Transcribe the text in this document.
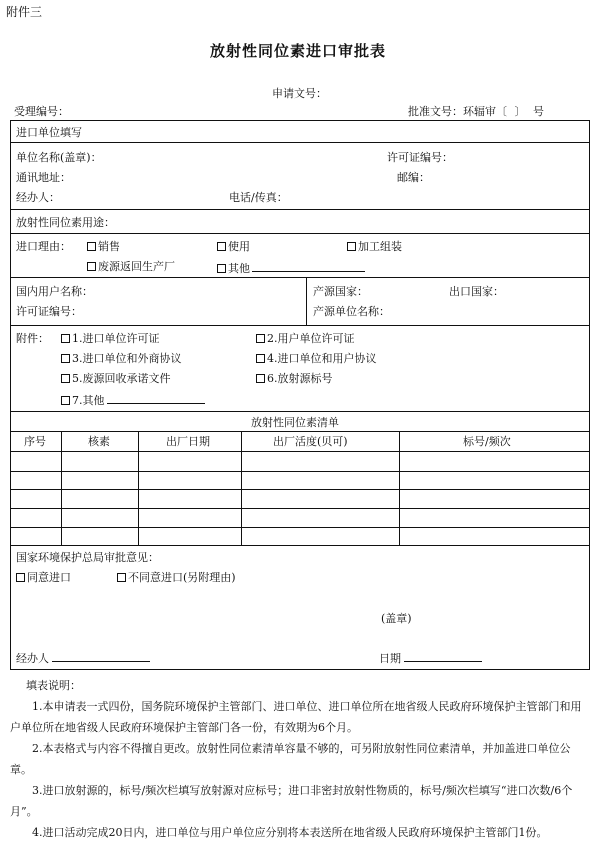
附件三
放射性同位素进口审批表
申请文号：
受理编号：	批准文号：环辐审〔 〕 号
进口单位填写
单位名称(盖章)：	许可证编号：
通讯地址：	邮编：
经办人：	电话/传真：
放射性同位素用途：
进口理由：	销售	使用	加工组装
废源返回生产厂	其他
国内用户名称：
许可证编号：
产源国家：	出口国家：
产源单位名称：
附件：	1.进口单位许可证	2.用户单位许可证
3.进口单位和外商协议	4.进口单位和用户协议
5.废源回收承诺文件	6.放射源标号
7.其他
放射性同位素清单
序号	核素	出厂日期	出厂活度(贝可)	标号/频次
国家环境保护总局审批意见：
同意进口	不同意进口(另附理由)
(盖章)
经办人	日期

填表说明：

1.本申请表一式四份，国务院环境保护主管部门、进口单位、进口单位所在地省级人民政府环境保护主管部门和用户单位所在地省级人民政府环境保护主管部门各一份，有效期为6个月。

2.本表格式与内容不得擅自更改。放射性同位素清单容量不够的，可另附放射性同位素清单，并加盖进口单位公章。

3.进口放射源的，标号/频次栏填写放射源对应标号；进口非密封放射性物质的，标号/频次栏填写“进口次数/6个月”。

4.进口活动完成20日内，进口单位与用户单位应分别将本表送所在地省级人民政府环境保护主管部门1份。
